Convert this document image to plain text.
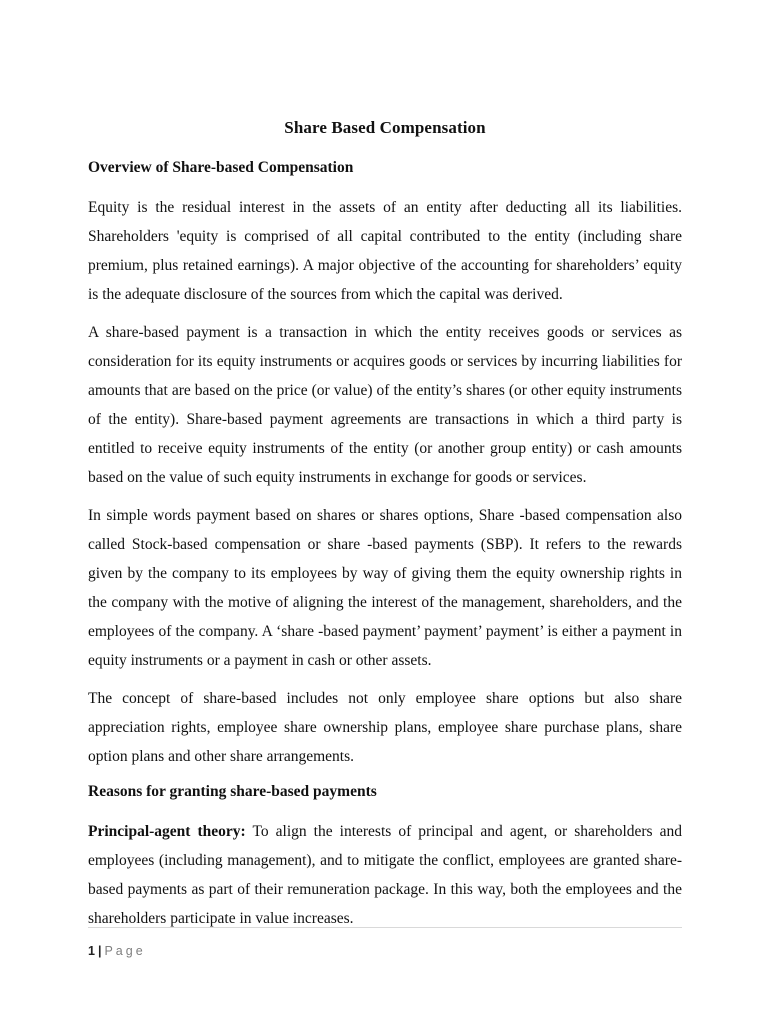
Share Based Compensation
Overview of Share-based Compensation

Equity is the residual interest in the assets of an entity after deducting all its liabilities. Shareholders 'equity is comprised of all capital contributed to the entity (including share premium, plus retained earnings). A major objective of the accounting for shareholders’ equity is the adequate disclosure of the sources from which the capital was derived.

A share-based payment is a transaction in which the entity receives goods or services as consideration for its equity instruments or acquires goods or services by incurring liabilities for amounts that are based on the price (or value) of the entity’s shares (or other equity instruments of the entity). Share-based payment agreements are transactions in which a third party is entitled to receive equity instruments of the entity (or another group entity) or cash amounts based on the value of such equity instruments in exchange for goods or services.

In simple words payment based on shares or shares options, Share -based compensation also called Stock-based compensation or share -based payments (SBP). It refers to the rewards given by the company to its employees by way of giving them the equity ownership rights in the company with the motive of aligning the interest of the management, shareholders, and the employees of the company. A ‘share -based payment’ payment’ payment’ is either a payment in equity instruments or a payment in cash or other assets.

The concept of share-based includes not only employee share options but also share appreciation rights, employee share ownership plans, employee share purchase plans, share option plans and other share arrangements.

Reasons for granting share-based payments

Principal-agent theory: To align the interests of principal and agent, or shareholders and employees (including management), and to mitigate the conflict, employees are granted share-based payments as part of their remuneration package. In this way, both the employees and the shareholders participate in value increases.

1 | Page
